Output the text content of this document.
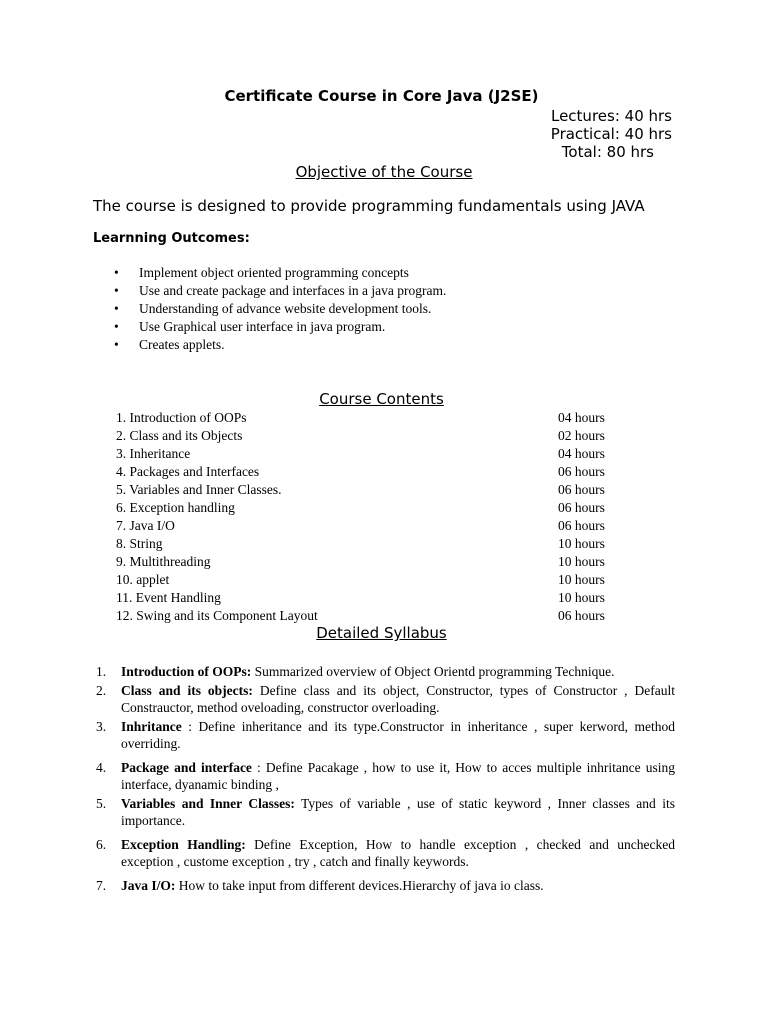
Certificate Course in Core Java (J2SE)
Lectures: 40 hrs
Practical: 40 hrs
Total: 80 hrs
Objective of the Course
The course is designed to provide programming fundamentals using JAVA
Learnning Outcomes:
• Implement object oriented programming concepts
• Use and create package and interfaces in a java program.
• Understanding of advance website development tools.
• Use Graphical user interface in java program.
• Creates applets.
Course Contents
1. Introduction of OOPs	04 hours
2. Class and its Objects	02 hours
3. Inheritance	04 hours
4. Packages and Interfaces	06 hours
5. Variables and Inner Classes.	06 hours
6. Exception handling	06 hours
7. Java I/O	06 hours
8. String	10 hours
9. Multithreading	10 hours
10. applet	10 hours
11. Event Handling	10 hours
12. Swing and its Component Layout	06 hours
Detailed Syllabus
1. Introduction of OOPs: Summarized overview of Object Orientd programming Technique.
2. Class and its objects: Define class and its object, Constructor, types of Constructor , Default Constrauctor, method oveloading, constructor overloading.
3. Inhritance : Define inheritance and its type.Constructor in inheritance , super kerword, method overriding.
4. Package and interface : Define Pacakage , how to use it, How to acces multiple inhritance using interface, dyanamic binding ,
5. Variables and Inner Classes: Types of variable , use of static keyword , Inner classes and its importance.
6. Exception Handling: Define Exception, How to handle exception , checked and unchecked exception , custome exception , try , catch and finally keywords.
7. Java I/O: How to take input from different devices.Hierarchy of java io class.
